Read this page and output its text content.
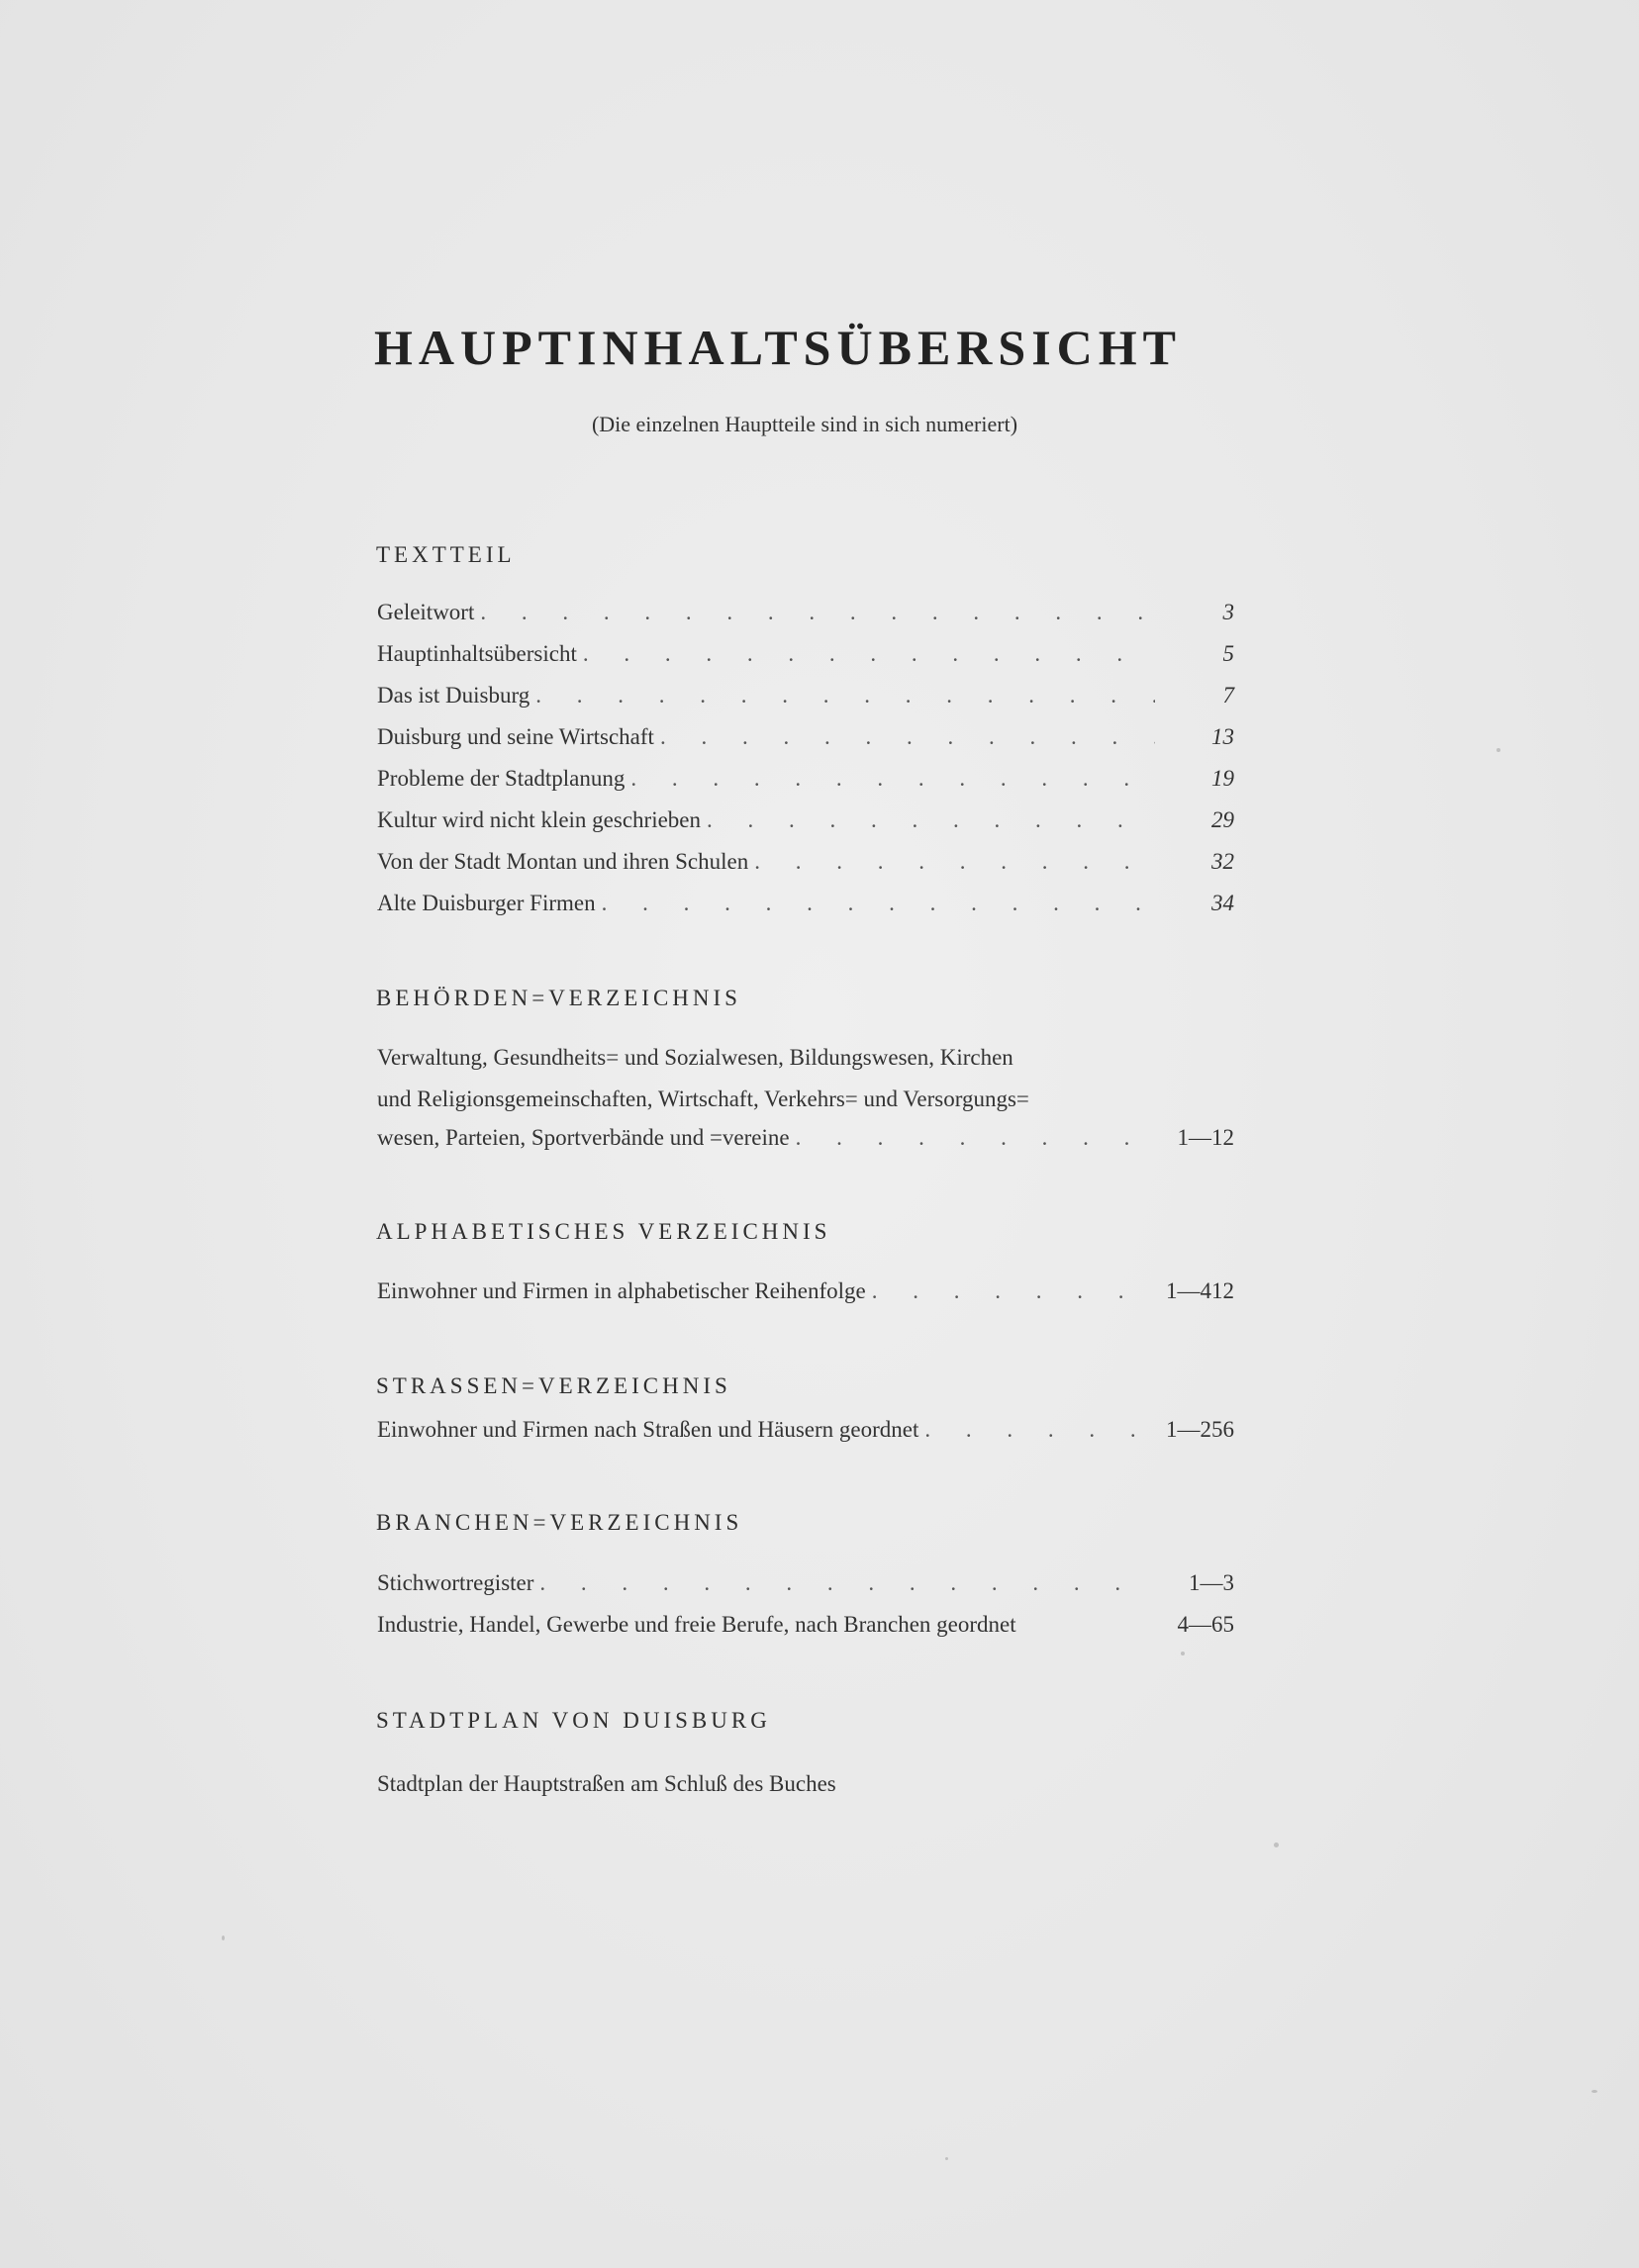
HAUPTINHALTSÜBERSICHT
(Die einzelnen Hauptteile sind in sich numeriert)
TEXTTEIL
Geleitwort . . .	3
Hauptinhaltsübersicht . . .	5
Das ist Duisburg . . .	7
Duisburg und seine Wirtschaft . . .	13
Probleme der Stadtplanung . . .	19
Kultur wird nicht klein geschrieben . . .	29
Von der Stadt Montan und ihren Schulen . . .	32
Alte Duisburger Firmen . . .	34
BEHÖRDEN=VERZEICHNIS
Verwaltung, Gesundheits= und Sozialwesen, Bildungswesen, Kirchen
und Religionsgemeinschaften, Wirtschaft, Verkehrs= und Versorgungs=
wesen, Parteien, Sportverbände und =vereine . . .	1—12
ALPHABETISCHES VERZEICHNIS
Einwohner und Firmen in alphabetischer Reihenfolge . . .	1—412
STRASSEN=VERZEICHNIS
Einwohner und Firmen nach Straßen und Häusern geordnet . . .	1—256
BRANCHEN=VERZEICHNIS
Stichwortregister . . .	1—3
Industrie, Handel, Gewerbe und freie Berufe, nach Branchen geordnet	4—65
STADTPLAN VON DUISBURG
Stadtplan der Hauptstraßen am Schluß des Buches
